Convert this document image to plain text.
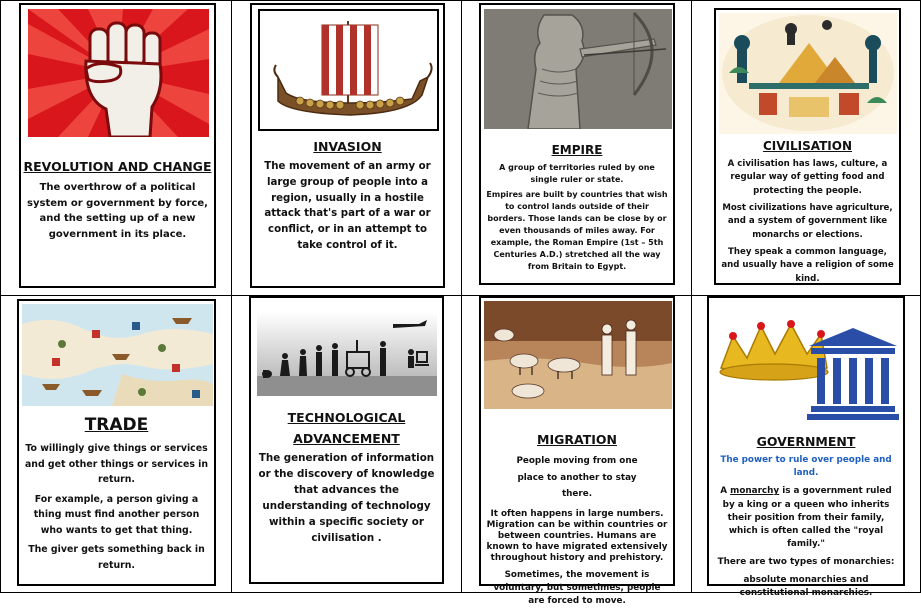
REVOLUTION AND CHANGE

The overthrow of a political system or government by force, and the setting up of a new government in its place.

INVASION

The movement of an army or large group of people into a region, usually in a hostile attack that's part of a war or conflict, or in an attempt to take control of it.

EMPIRE

A group of territories ruled by one single ruler or state.

Empires are built by countries that wish to control lands outside of their borders. Those lands can be close by or even thousands of miles away. For example, the Roman Empire (1st – 5th Centuries A.D.) stretched all the way from Britain to Egypt.

CIVILISATION

A civilisation has laws, culture, a regular way of getting food and protecting the people.

Most civilizations have agriculture, and a system of government like monarchs or elections.

They speak a common language, and usually have a religion of some kind.

TRADE

To willingly give things or services and get other things or services in return.

For example, a person giving a thing must find another person who wants to get that thing.

The giver gets something back in return.

TECHNOLOGICAL
ADVANCEMENT

The generation of information or the discovery of knowledge that advances the understanding of technology within a specific society or civilisation .

MIGRATION

People moving from one place to another to stay there.

It often happens in large numbers. Migration can be within countries or between countries. Humans are known to have migrated extensively throughout history and prehistory.

Sometimes, the movement is voluntary, but sometimes, people are forced to move.

GOVERNMENT

The power to rule over people and land.

A monarchy is a government ruled by a king or a queen who inherits their position from their family, which is often called the "royal family."

There are two types of monarchies:

absolute monarchies and constitutional monarchies.
